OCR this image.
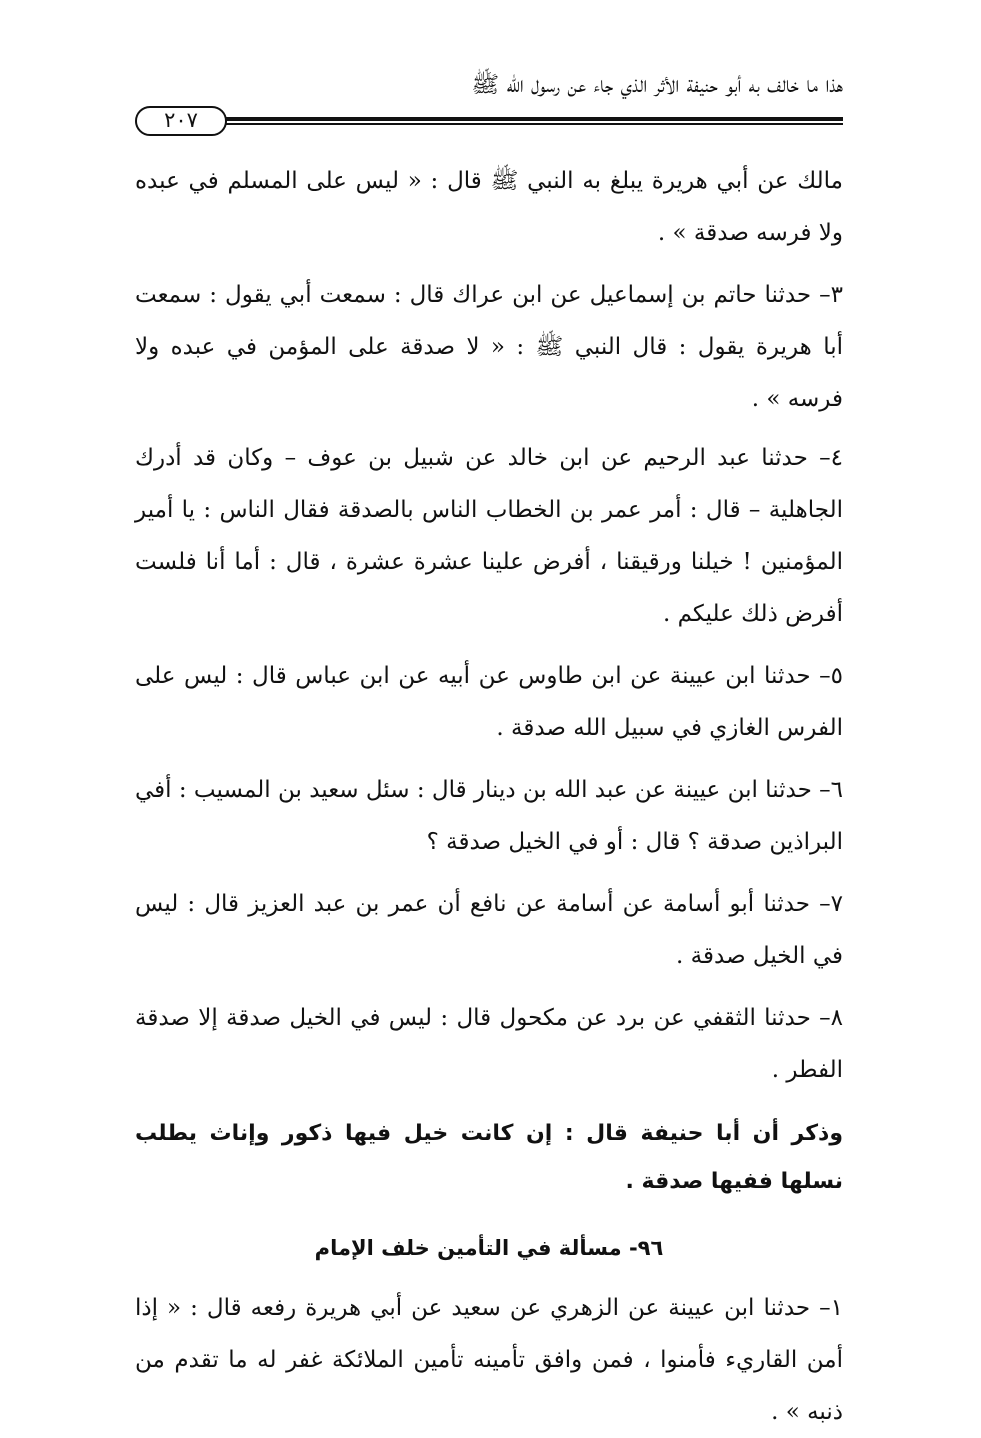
هذا ما خالف به أبو حنيفة الأثر الذي جاء عن رسول الله ﷺ
٢٠٧

مالك عن أبي هريرة يبلغ به النبي ﷺ قال : « ليس على المسلم في عبده ولا فرسه صدقة » .

٣– حدثنا حاتم بن إسماعيل عن ابن عراك قال : سمعت أبي يقول : سمعت أبا هريرة يقول : قال النبي ﷺ : « لا صدقة على المؤمن في عبده ولا فرسه » .

٤– حدثنا عبد الرحيم عن ابن خالد عن شبيل بن عوف – وكان قد أدرك الجاهلية – قال : أمر عمر بن الخطاب الناس بالصدقة فقال الناس : يا أمير المؤمنين ! خيلنا ورقيقنا ، أفرض علينا عشرة عشرة ، قال : أما أنا فلست أفرض ذلك عليكم .

٥– حدثنا ابن عيينة عن ابن طاوس عن أبيه عن ابن عباس قال : ليس على الفرس الغازي في سبيل الله صدقة .

٦– حدثنا ابن عيينة عن عبد الله بن دينار قال : سئل سعيد بن المسيب : أفي البراذين صدقة ؟ قال : أو في الخيل صدقة ؟

٧– حدثنا أبو أسامة عن أسامة عن نافع أن عمر بن عبد العزيز قال : ليس في الخيل صدقة .

٨– حدثنا الثقفي عن برد عن مكحول قال : ليس في الخيل صدقة إلا صدقة الفطر .

وذكر أن أبا حنيفة قال : إن كانت خيل فيها ذكور وإناث يطلب نسلها ففيها صدقة .

٩٦- مسألة في التأمين خلف الإمام

١– حدثنا ابن عيينة عن الزهري عن سعيد عن أبي هريرة رفعه قال : « إذا أمن القاريء فأمنوا ، فمن وافق تأمينه تأمين الملائكة غفر له ما تقدم من ذنبه » .
